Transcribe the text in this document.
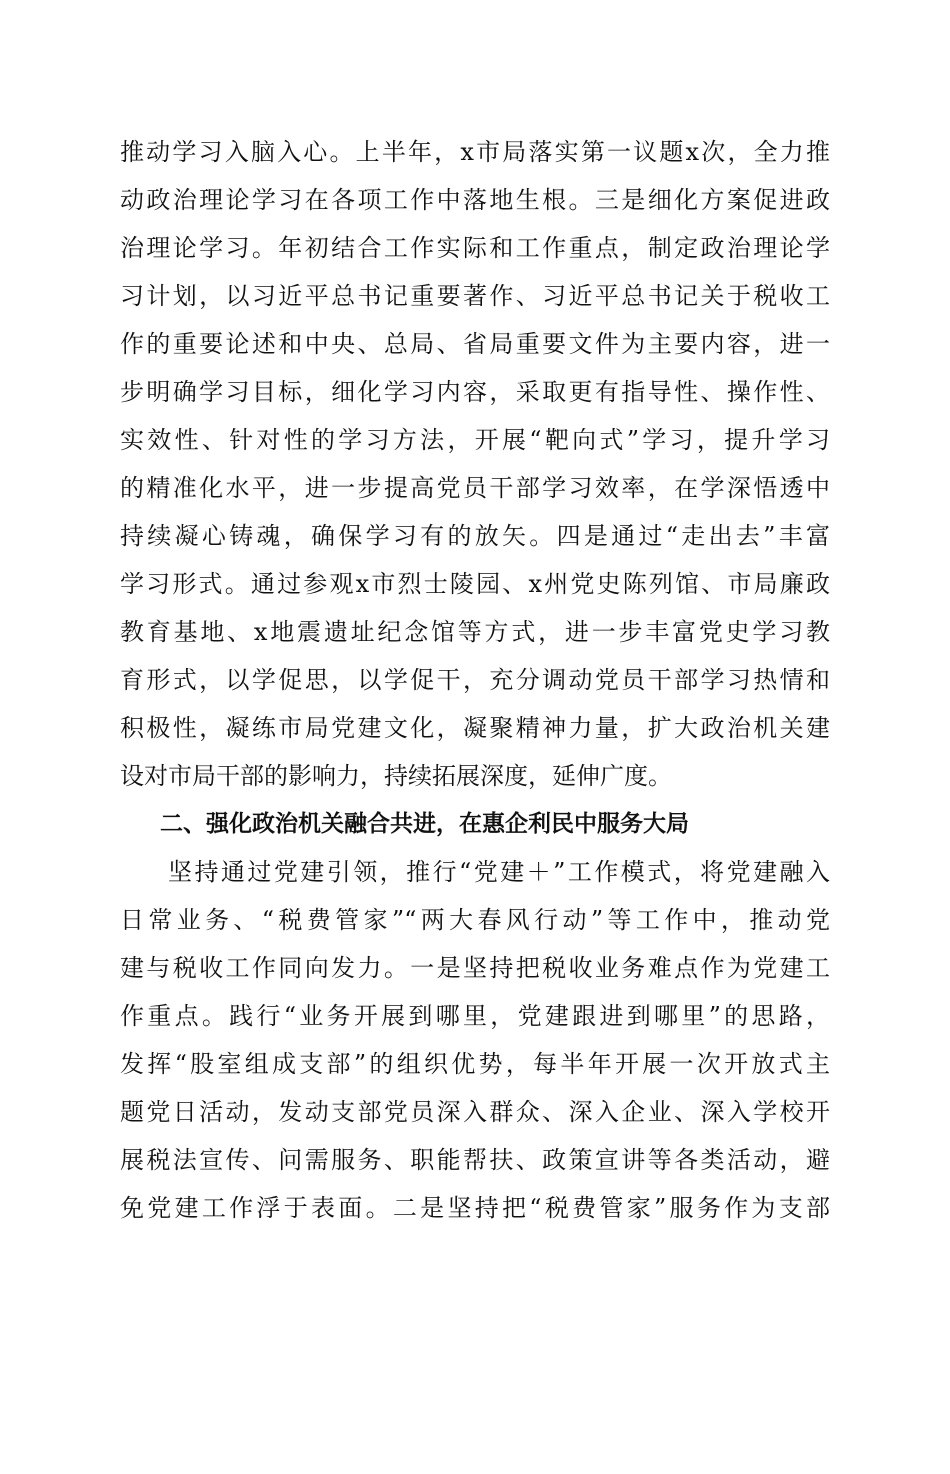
推动学习入脑入心。上半年，x市局落实第一议题x次，全力推
动政治理论学习在各项工作中落地生根。三是细化方案促进政
治理论学习。年初结合工作实际和工作重点，制定政治理论学
习计划，以习近平总书记重要著作、习近平总书记关于税收工
作的重要论述和中央、总局、省局重要文件为主要内容，进一
步明确学习目标，细化学习内容，采取更有指导性、操作性、
实效性、针对性的学习方法，开展“靶向式”学习，提升学习
的精准化水平，进一步提高党员干部学习效率，在学深悟透中
持续凝心铸魂，确保学习有的放矢。四是通过“走出去”丰富
学习形式。通过参观x市烈士陵园、x州党史陈列馆、市局廉政
教育基地、x地震遗址纪念馆等方式，进一步丰富党史学习教
育形式，以学促思，以学促干，充分调动党员干部学习热情和
积极性，凝练市局党建文化，凝聚精神力量，扩大政治机关建
设对市局干部的影响力，持续拓展深度，延伸广度。
二、强化政治机关融合共进，在惠企利民中服务大局
坚持通过党建引领，推行“党建＋”工作模式，将党建融入
日常业务、“税费管家”“两大春风行动”等工作中，推动党
建与税收工作同向发力。一是坚持把税收业务难点作为党建工
作重点。践行“业务开展到哪里，党建跟进到哪里”的思路，
发挥“股室组成支部”的组织优势，每半年开展一次开放式主
题党日活动，发动支部党员深入群众、深入企业、深入学校开
展税法宣传、问需服务、职能帮扶、政策宣讲等各类活动，避
免党建工作浮于表面。二是坚持把“税费管家”服务作为支部
